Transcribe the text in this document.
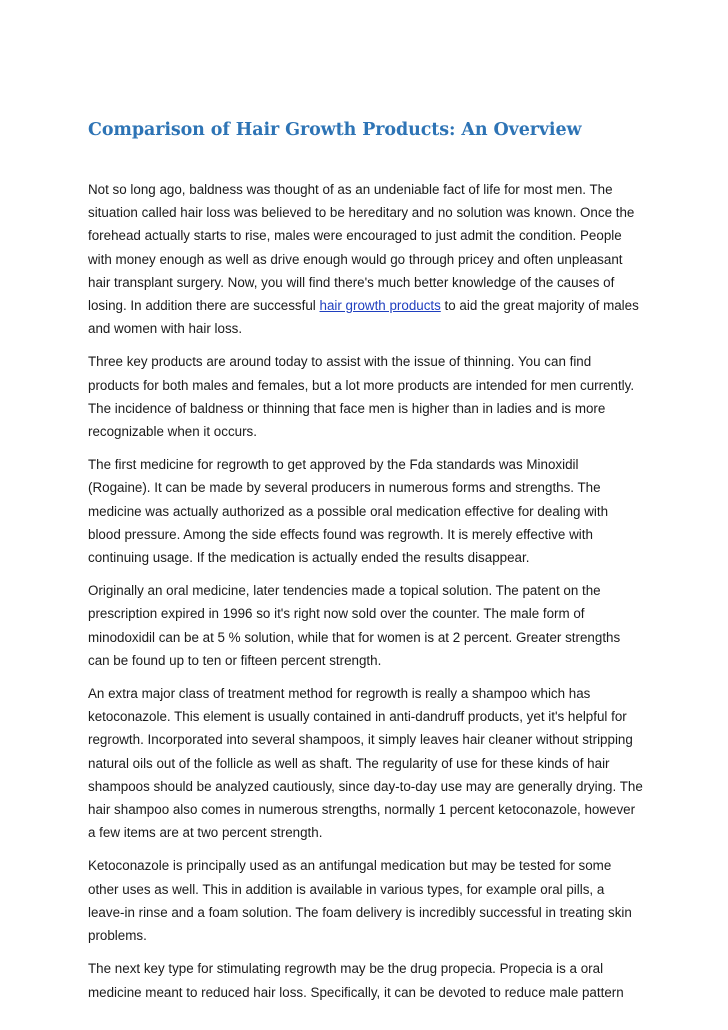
Comparison of Hair Growth Products: An Overview

Not so long ago, baldness was thought of as an undeniable fact of life for most men. The situation called hair loss was believed to be hereditary and no solution was known. Once the forehead actually starts to rise, males were encouraged to just admit the condition. People with money enough as well as drive enough would go through pricey and often unpleasant hair transplant surgery. Now, you will find there's much better knowledge of the causes of losing. In addition there are successful hair growth products to aid the great majority of males and women with hair loss.

Three key products are around today to assist with the issue of thinning. You can find products for both males and females, but a lot more products are intended for men currently. The incidence of baldness or thinning that face men is higher than in ladies and is more recognizable when it occurs.

The first medicine for regrowth to get approved by the Fda standards was Minoxidil (Rogaine). It can be made by several producers in numerous forms and strengths. The medicine was actually authorized as a possible oral medication effective for dealing with blood pressure. Among the side effects found was regrowth. It is merely effective with continuing usage. If the medication is actually ended the results disappear.

Originally an oral medicine, later tendencies made a topical solution. The patent on the prescription expired in 1996 so it's right now sold over the counter. The male form of minodoxidil can be at 5 % solution, while that for women is at 2 percent. Greater strengths can be found up to ten or fifteen percent strength.

An extra major class of treatment method for regrowth is really a shampoo which has ketoconazole. This element is usually contained in anti-dandruff products, yet it's helpful for regrowth. Incorporated into several shampoos, it simply leaves hair cleaner without stripping natural oils out of the follicle as well as shaft. The regularity of use for these kinds of hair shampoos should be analyzed cautiously, since day-to-day use may are generally drying. The hair shampoo also comes in numerous strengths, normally 1 percent ketoconazole, however a few items are at two percent strength.

Ketoconazole is principally used as an antifungal medication but may be tested for some other uses as well. This in addition is available in various types, for example oral pills, a leave-in rinse and a foam solution. The foam delivery is incredibly successful in treating skin problems.

The next key type for stimulating regrowth may be the drug propecia. Propecia is a oral medicine meant to reduced hair loss. Specifically, it can be devoted to reduce male pattern
